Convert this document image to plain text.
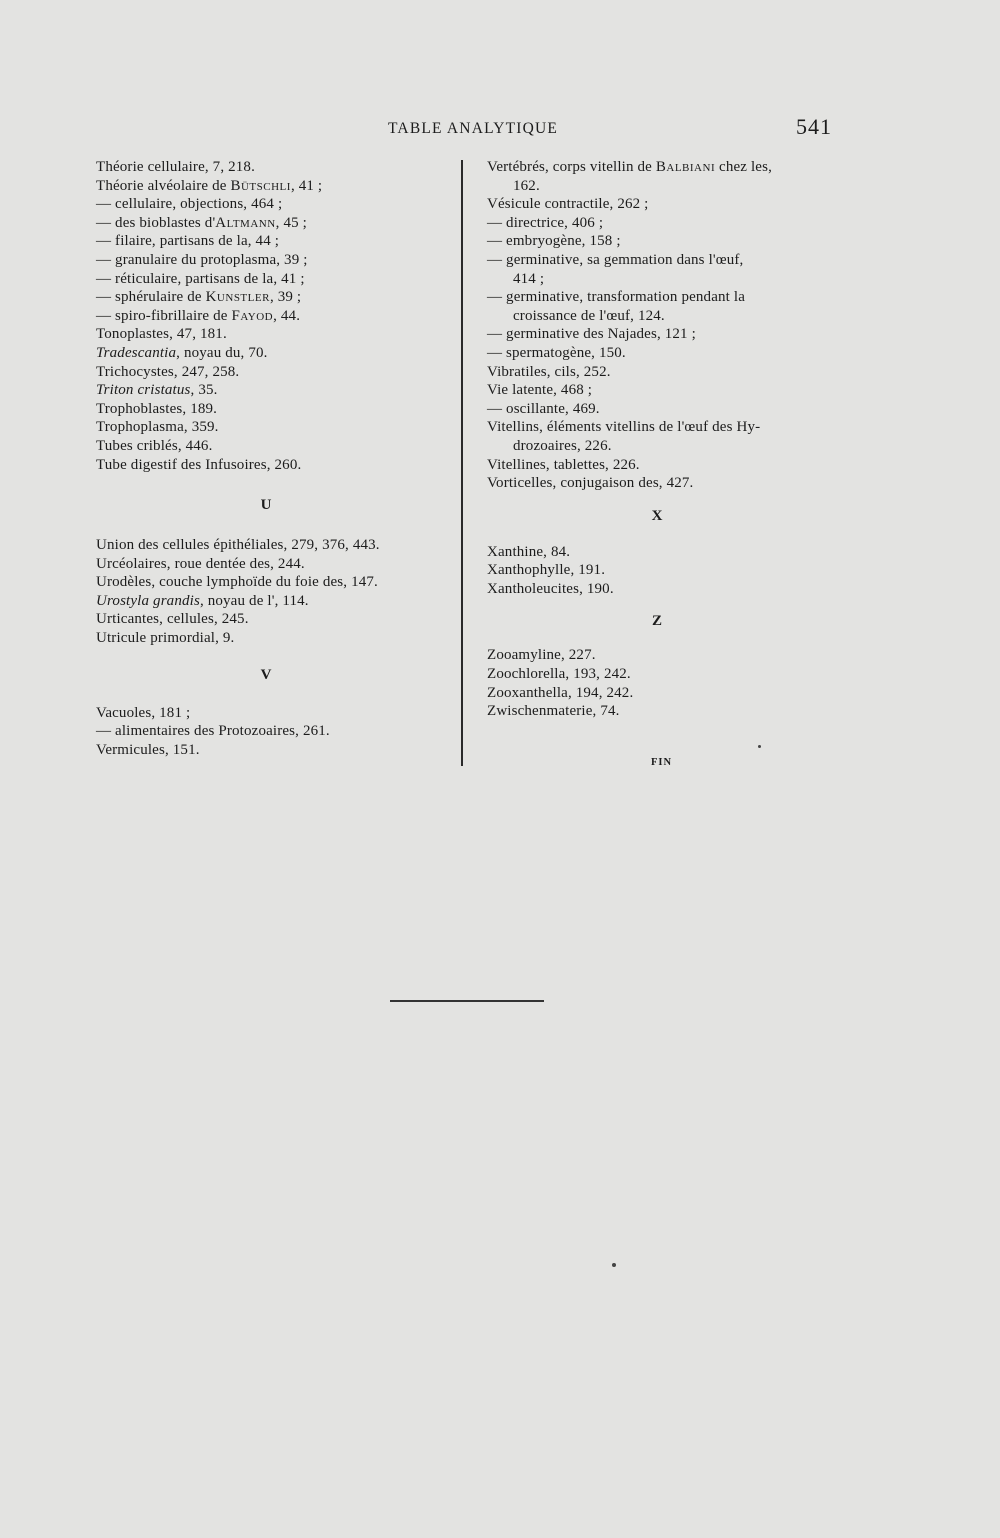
TABLE ANALYTIQUE	541
Théorie cellulaire, 7, 218.
Théorie alvéolaire de Bütschli, 41 ;
— cellulaire, objections, 464 ;
— des bioblastes d'Altmann, 45 ;
— filaire, partisans de la, 44 ;
— granulaire du protoplasma, 39 ;
— réticulaire, partisans de la, 41 ;
— sphérulaire de Kunstler, 39 ;
— spiro-fibrillaire de Fayod, 44.
Tonoplastes, 47, 181.
Tradescantia, noyau du, 70.
Trichocystes, 247, 258.
Triton cristatus, 35.
Trophoblastes, 189.
Trophoplasma, 359.
Tubes criblés, 446.
Tube digestif des Infusoires, 260.
U
Union des cellules épithéliales, 279, 376, 443.
Urcéolaires, roue dentée des, 244.
Urodèles, couche lymphoïde du foie des, 147.
Urostyla grandis, noyau de l', 114.
Urticantes, cellules, 245.
Utricule primordial, 9.
V
Vacuoles, 181 ;
— alimentaires des Protozoaires, 261.
Vermicules, 151.
Vertébrés, corps vitellin de Balbiani chez les,
162.
Vésicule contractile, 262 ;
— directrice, 406 ;
— embryogène, 158 ;
— germinative, sa gemmation dans l'œuf,
414 ;
— germinative, transformation pendant la
croissance de l'œuf, 124.
— germinative des Najades, 121 ;
— spermatogène, 150.
Vibratiles, cils, 252.
Vie latente, 468 ;
— oscillante, 469.
Vitellins, éléments vitellins de l'œuf des Hy-
drozoaires, 226.
Vitellines, tablettes, 226.
Vorticelles, conjugaison des, 427.
X
Xanthine, 84.
Xanthophylle, 191.
Xantholeucites, 190.
Z
Zooamyline, 227.
Zoochlorella, 193, 242.
Zooxanthella, 194, 242.
Zwischenmaterie, 74.
FIN
